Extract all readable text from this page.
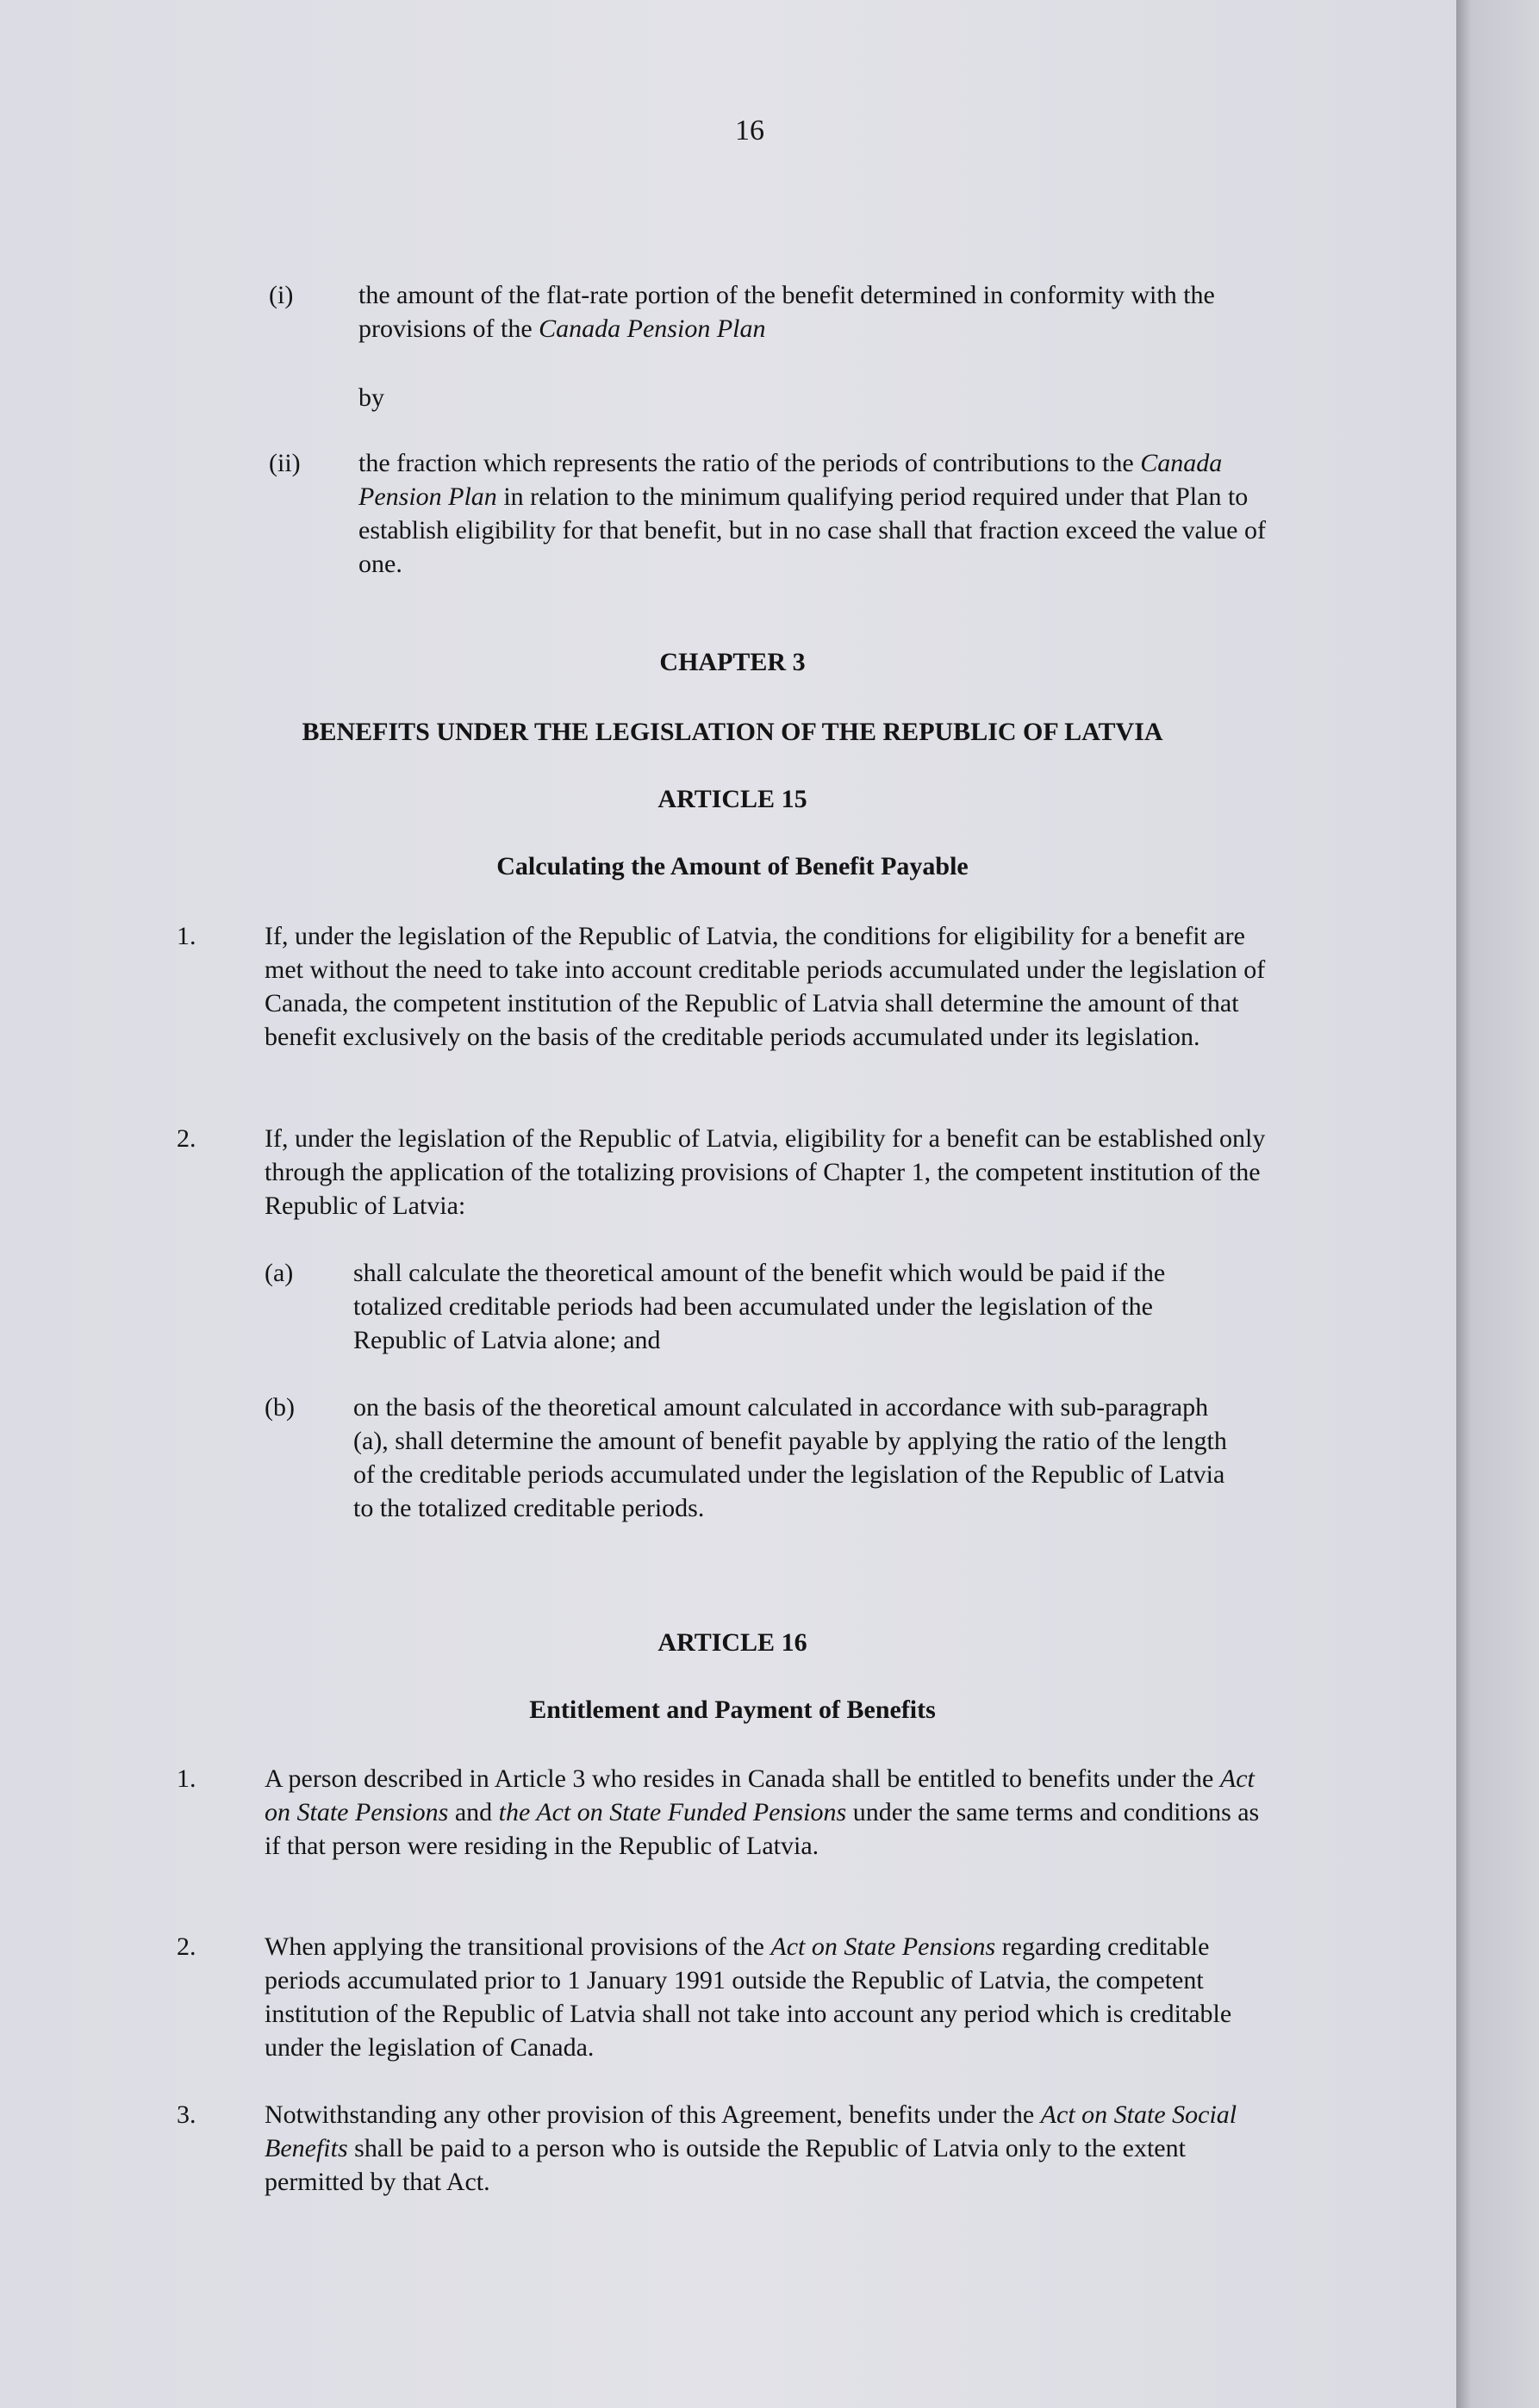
16
(i)	the amount of the flat-rate portion of the benefit determined in conformity with the provisions of the Canada Pension Plan
by
(ii) the fraction which represents the ratio of the periods of contributions to the Canada Pension Plan in relation to the minimum qualifying period required under that Plan to establish eligibility for that benefit, but in no case shall that fraction exceed the value of one.
CHAPTER 3
BENEFITS UNDER THE LEGISLATION OF THE REPUBLIC OF LATVIA
ARTICLE 15
Calculating the Amount of Benefit Payable
1.	If, under the legislation of the Republic of Latvia, the conditions for eligibility for a benefit are met without the need to take into account creditable periods accumulated under the legislation of Canada, the competent institution of the Republic of Latvia shall determine the amount of that benefit exclusively on the basis of the creditable periods accumulated under its legislation.
2.	If, under the legislation of the Republic of Latvia, eligibility for a benefit can be established only through the application of the totalizing provisions of Chapter 1, the competent institution of the Republic of Latvia:
(a) shall calculate the theoretical amount of the benefit which would be paid if the totalized creditable periods had been accumulated under the legislation of the Republic of Latvia alone; and
(b) on the basis of the theoretical amount calculated in accordance with sub-paragraph (a), shall determine the amount of benefit payable by applying the ratio of the length of the creditable periods accumulated under the legislation of the Republic of Latvia to the totalized creditable periods.
ARTICLE 16
Entitlement and Payment of Benefits
1.	A person described in Article 3 who resides in Canada shall be entitled to benefits under the Act on State Pensions and the Act on State Funded Pensions under the same terms and conditions as if that person were residing in the Republic of Latvia.
2.	When applying the transitional provisions of the Act on State Pensions regarding creditable periods accumulated prior to 1 January 1991 outside the Republic of Latvia, the competent institution of the Republic of Latvia shall not take into account any period which is creditable under the legislation of Canada.
3.	Notwithstanding any other provision of this Agreement, benefits under the Act on State Social Benefits shall be paid to a person who is outside the Republic of Latvia only to the extent permitted by that Act.
